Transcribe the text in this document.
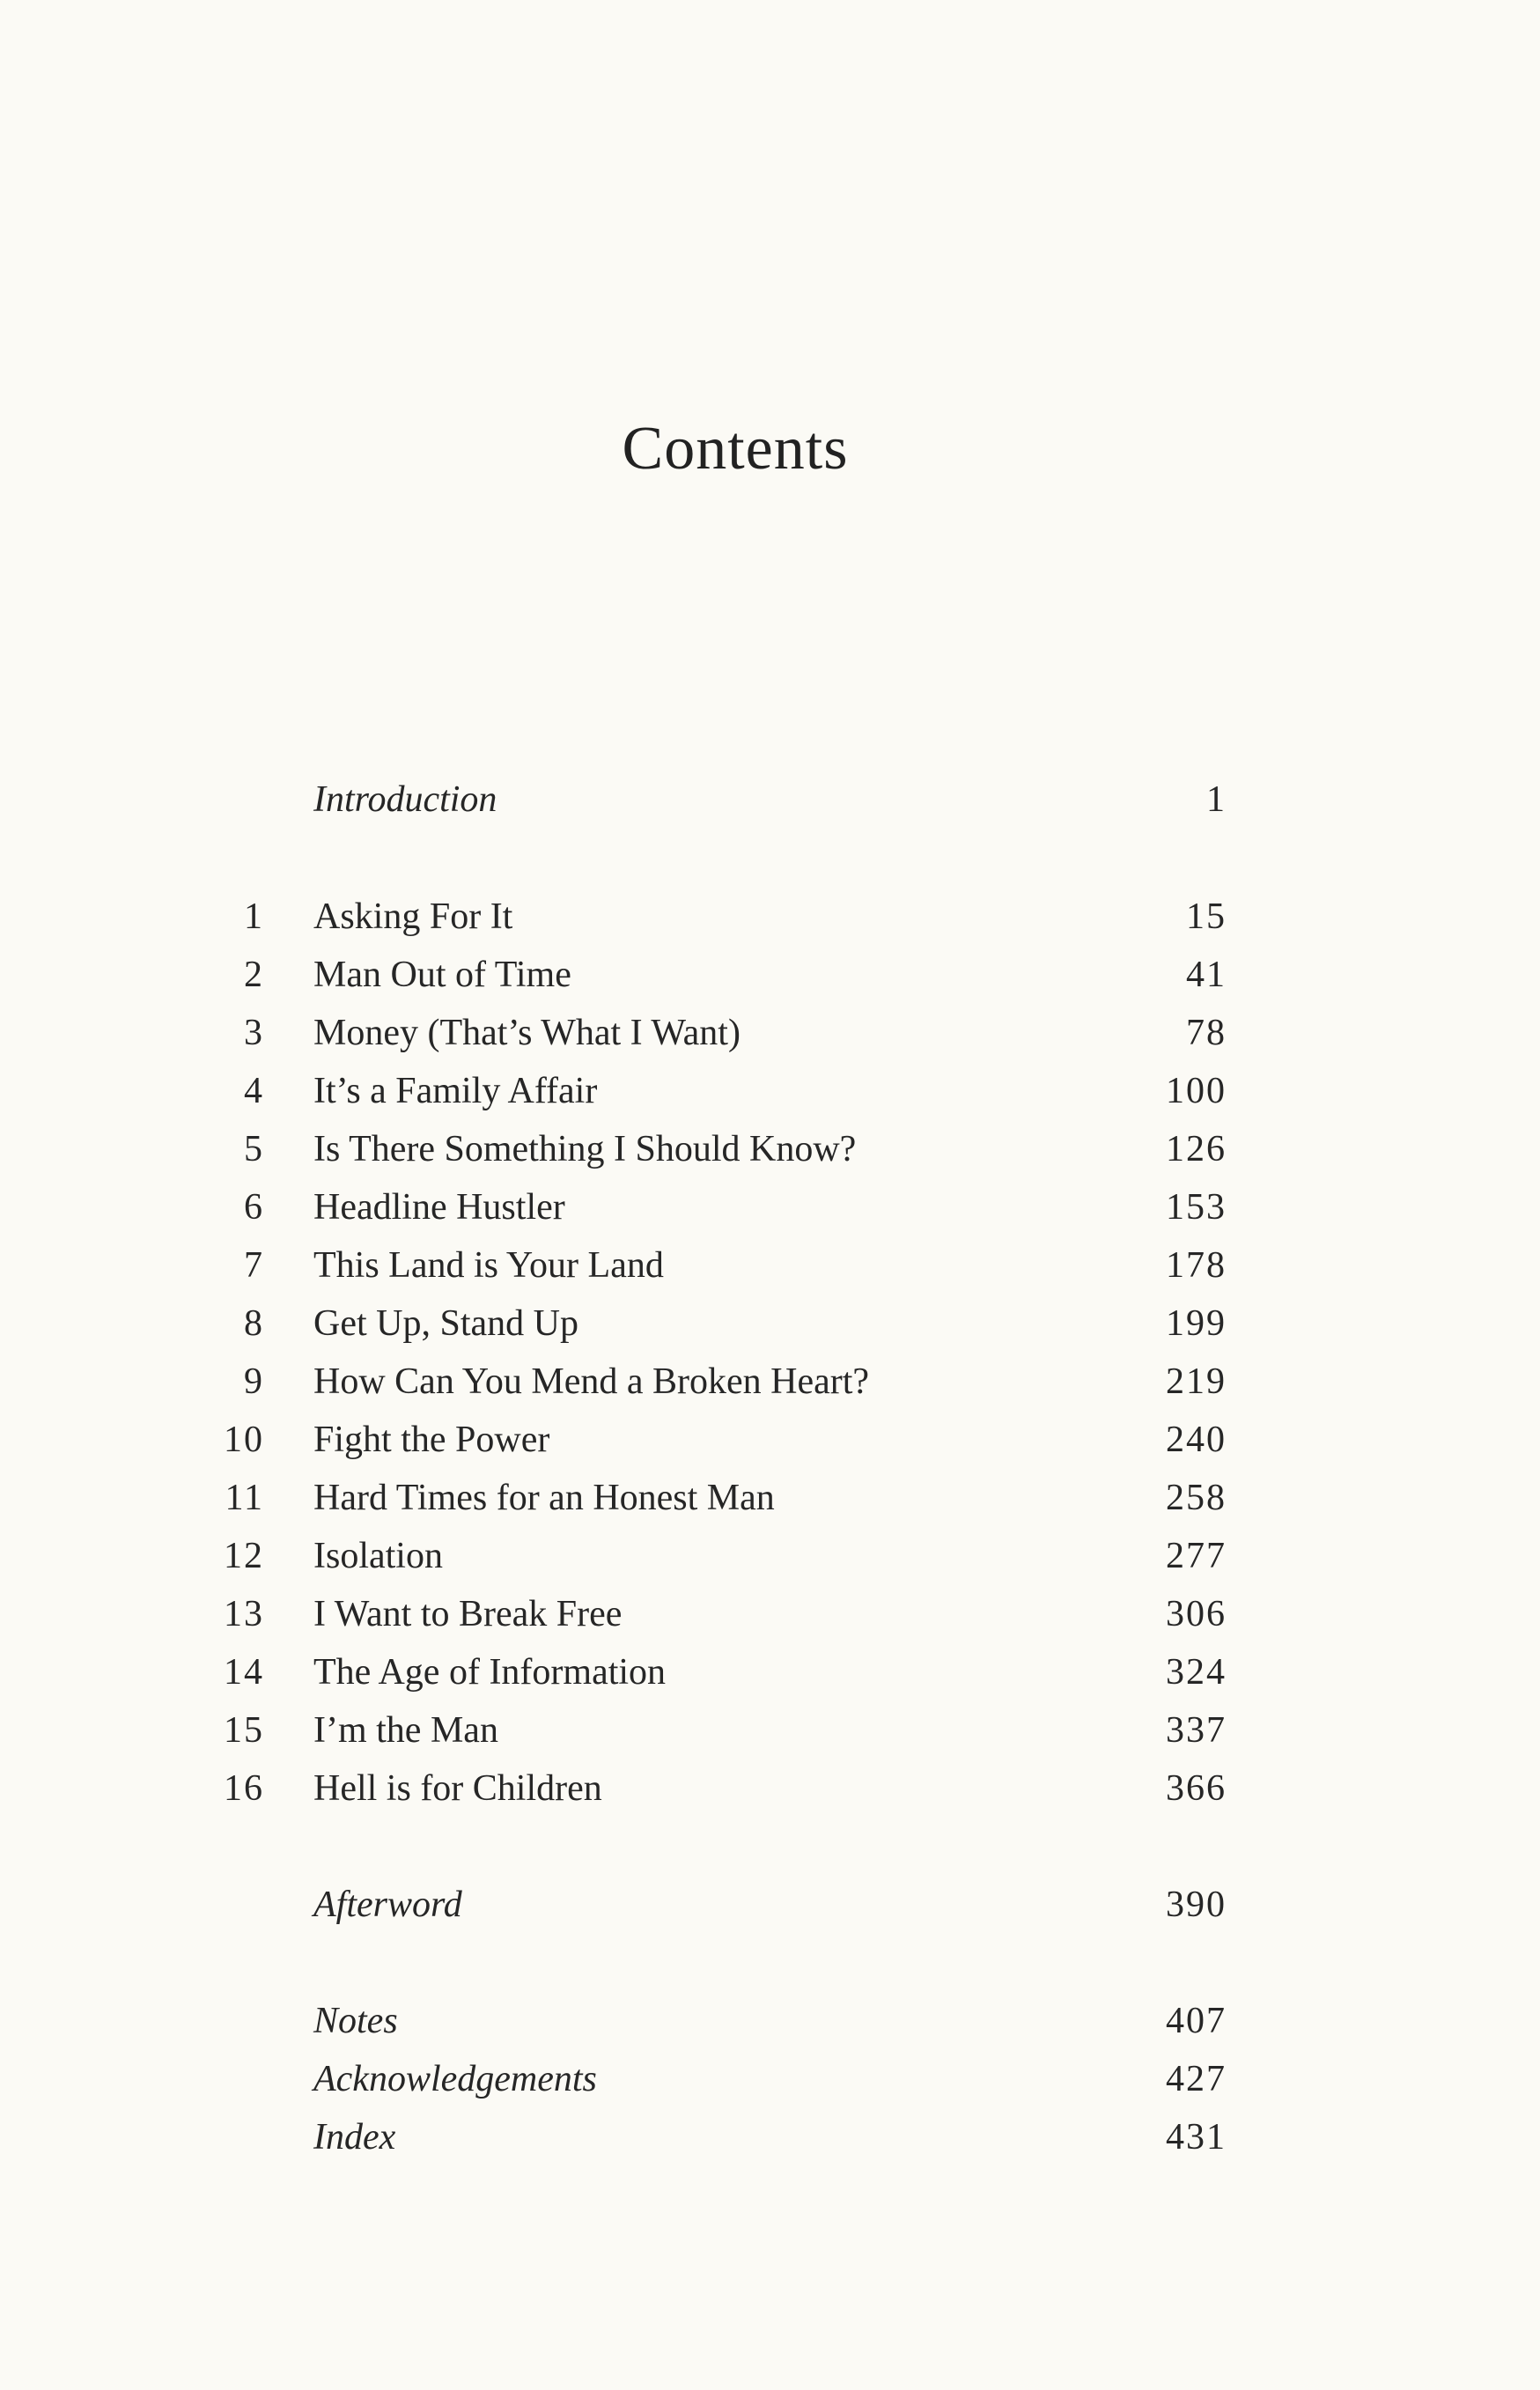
Contents
Introduction	1
1 Asking For It	15
2 Man Out of Time	41
3 Money (That’s What I Want)	78
4 It’s a Family Affair	100
5 Is There Something I Should Know?	126
6 Headline Hustler	153
7 This Land is Your Land	178
8 Get Up, Stand Up	199
9 How Can You Mend a Broken Heart?	219
10 Fight the Power	240
11 Hard Times for an Honest Man	258
12 Isolation	277
13 I Want to Break Free	306
14 The Age of Information	324
15 I’m the Man	337
16 Hell is for Children	366
Afterword	390
Notes	407
Acknowledgements	427
Index	431
